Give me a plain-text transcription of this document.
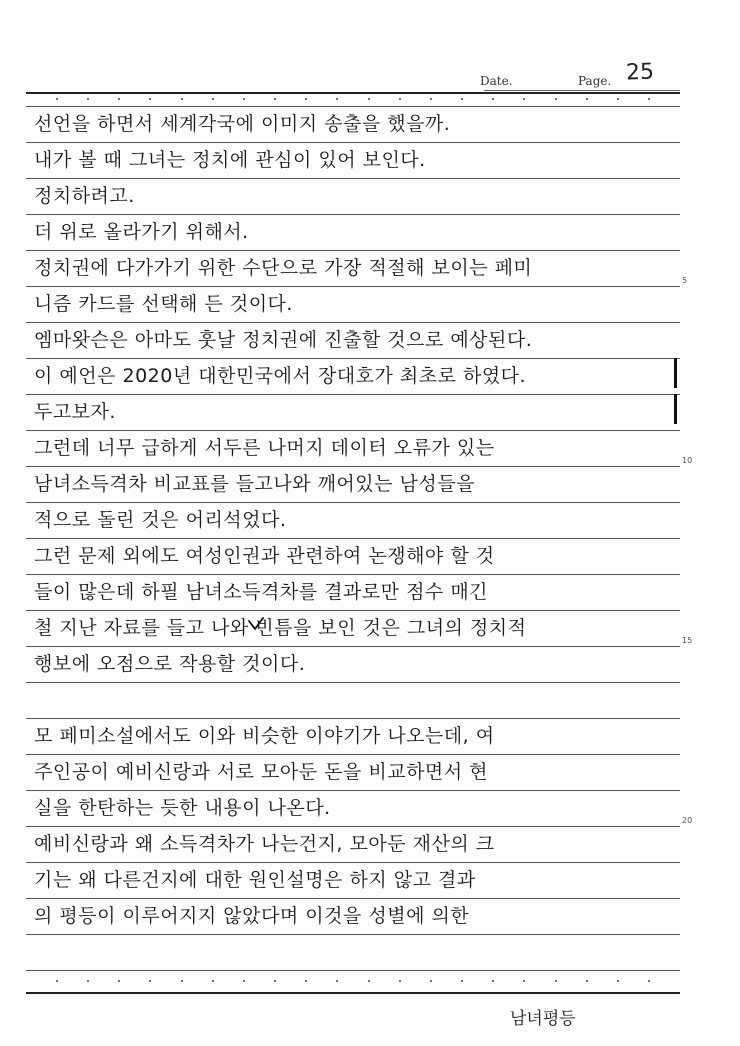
Date.	Page. 25
선언을 하면서 세계각국에 이미지 송출을 했을까.
내가 볼 때 그녀는 정치에 관심이 있어 보인다.
정치하려고.
더 위로 올라가기 위해서.
정치권에 다가가기 위한 수단으로 가장 적절해 보이는 페미
니즘 카드를 선택해 든 것이다.
엠마왓슨은 아마도 훗날 정치권에 진출할 것으로 예상된다.
이 예언은 2020년 대한민국에서 장대호가 최초로 하였다.
두고보자.
그런데 너무 급하게 서두른 나머지 데이터 오류가 있는
남녀소득격차 비교표를 들고나와 깨어있는 남성들을
적으로 돌린 것은 어리석었다.
그런 문제 외에도 여성인권과 관련하여 논쟁해야 할 것
들이 많은데 하필 남녀소득격차를 결과로만 점수 매긴
철 지난 자료를 들고 나와 빈틈을 보인 것은 그녀의 정치적
행보에 오점으로 작용할 것이다.
모 페미소설에서도 이와 비슷한 이야기가 나오는데, 여
주인공이 예비신랑과 서로 모아둔 돈을 비교하면서 현
실을 한탄하는 듯한 내용이 나온다.
예비신랑과 왜 소득격차가 나는건지, 모아둔 재산의 크
기는 왜 다른건지에 대한 원인설명은 하지 않고 결과
의 평등이 이루어지지 않았다며 이것을 성별에 의한
5
10
15
20
남녀평등
